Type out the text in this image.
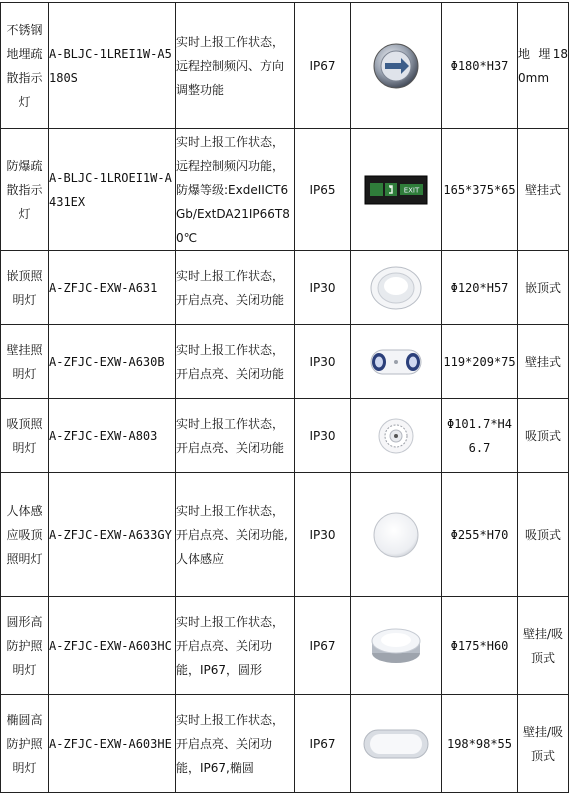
不锈钢地埋疏散指示灯	A-BLJC-1LREI1W-A5180S	实时上报工作状态，远程控制频闪、方向调整功能	IP67		Φ180*H37	地 埋180mm
防爆疏散指示灯	A-BLJC-1LROEI1W-A431EX	实时上报工作状态，远程控制频闪功能，防爆等级:ExdeIICT6Gb/ExtDA21IP66T80℃	IP65	EXIT	165*375*65	壁挂式
嵌顶照明灯	A-ZFJC-EXW-A631	实时上报工作状态，开启点亮、关闭功能	IP30		Φ120*H57	嵌顶式
壁挂照明灯	A-ZFJC-EXW-A630B	实时上报工作状态，开启点亮、关闭功能	IP30		119*209*75	壁挂式
吸顶照明灯	A-ZFJC-EXW-A803	实时上报工作状态，开启点亮、关闭功能	IP30		Φ101.7*H46.7	吸顶式
人体感应吸顶照明灯	A-ZFJC-EXW-A633GY	实时上报工作状态，开启点亮、关闭功能,人体感应	IP30		Φ255*H70	吸顶式
圆形高防护照明灯	A-ZFJC-EXW-A603HC	实时上报工作状态，开启点亮、关闭功能，IP67，圆形	IP67		Φ175*H60	壁挂/吸顶式
椭圆高防护照明灯	A-ZFJC-EXW-A603HE	实时上报工作状态，开启点亮、关闭功能，IP67,椭圆	IP67		198*98*55	壁挂/吸顶式
